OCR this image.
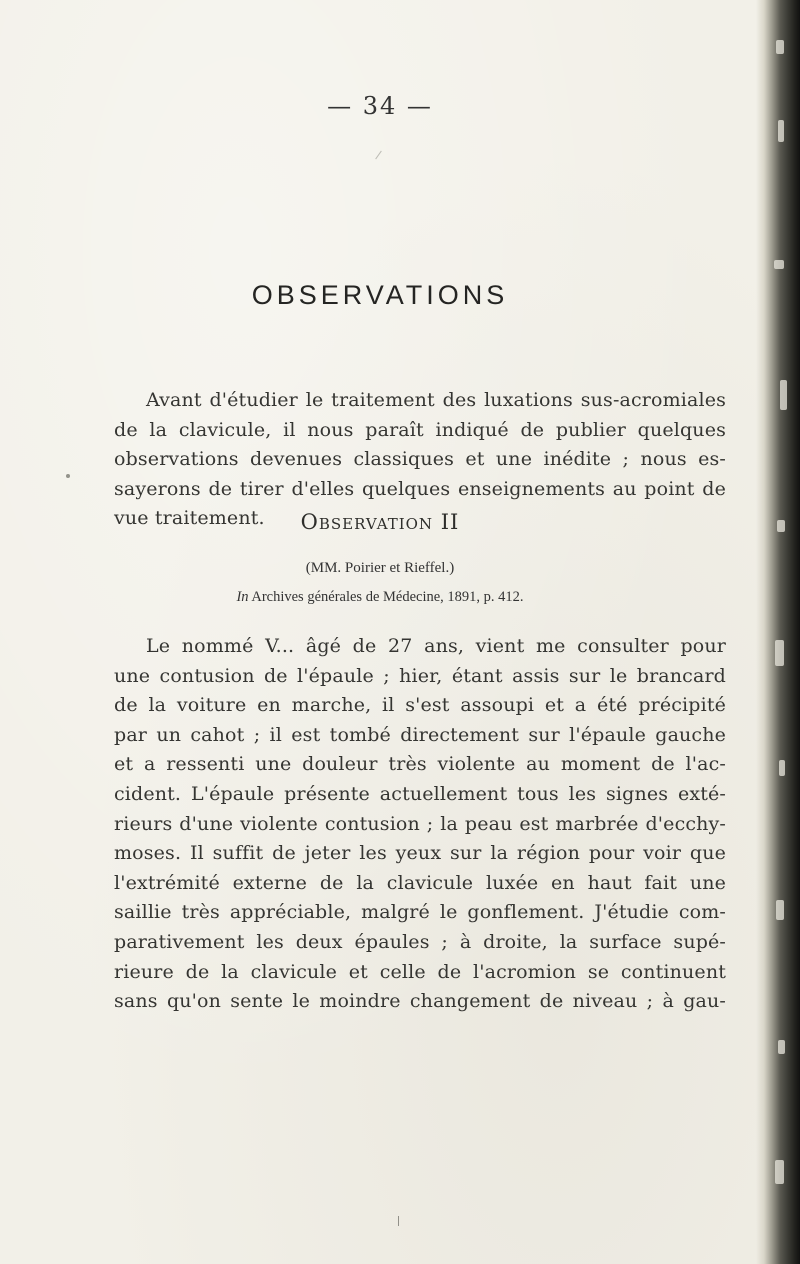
— 34 —
OBSERVATIONS
Avant d'étudier le traitement des luxations sus-acromiales
de la clavicule, il nous paraît indiqué de publier quelques
observations devenues classiques et une inédite ; nous es-
sayerons de tirer d'elles quelques enseignements au point de
vue traitement.	Observation II
(MM. Poirier et Rieffel.)
In Archives générales de Médecine, 1891, p. 412.
Le nommé V... âgé de 27 ans, vient me consulter pour
une contusion de l'épaule ; hier, étant assis sur le brancard
de la voiture en marche, il s'est assoupi et a été précipité
par un cahot ; il est tombé directement sur l'épaule gauche
et a ressenti une douleur très violente au moment de l'ac-
cident. L'épaule présente actuellement tous les signes exté-
rieurs d'une violente contusion ; la peau est marbrée d'ecchy-
moses. Il suffit de jeter les yeux sur la région pour voir que
l'extrémité externe de la clavicule luxée en haut fait une
saillie très appréciable, malgré le gonflement. J'étudie com-
parativement les deux épaules ; à droite, la surface supé-
rieure de la clavicule et celle de l'acromion se continuent
sans qu'on sente le moindre changement de niveau ; à gau-
